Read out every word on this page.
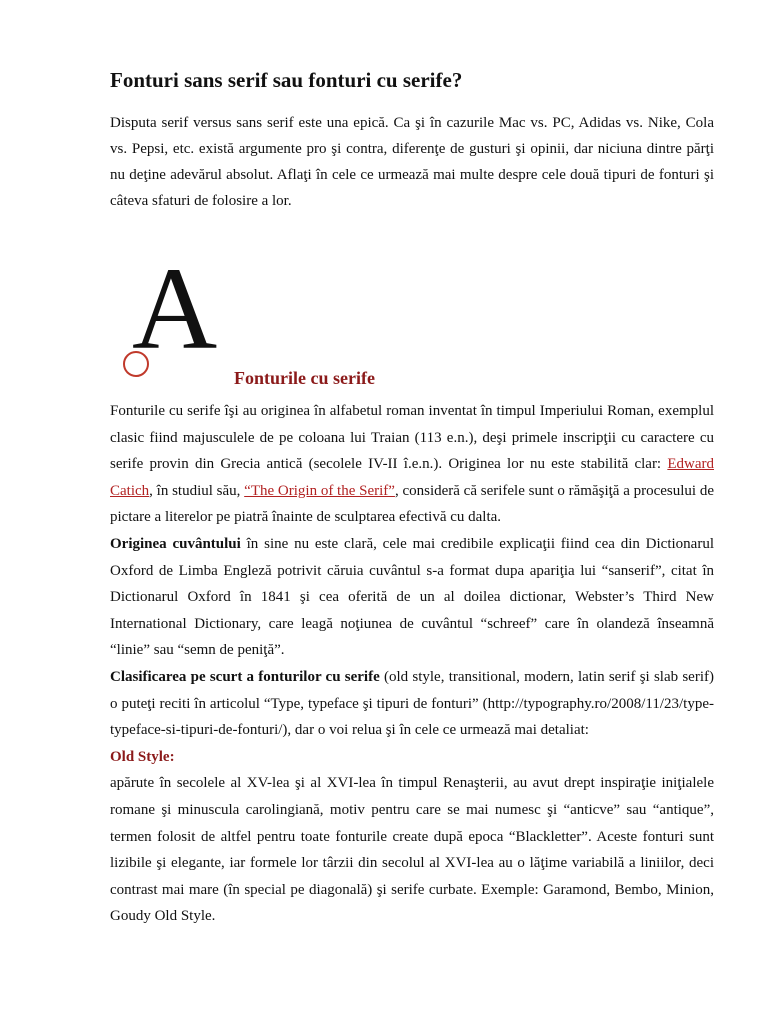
Fonturi sans serif sau fonturi cu serife?

Disputa serif versus sans serif este una epică. Ca şi în cazurile Mac vs. PC, Adidas vs. Nike, Cola vs. Pepsi, etc. există argumente pro şi contra, diferenţe de gusturi şi opinii, dar niciuna dintre părţi nu deţine adevărul absolut. Aflaţi în cele ce urmează mai multe despre cele două tipuri de fonturi şi câteva sfaturi de folosire a lor.

A
Fonturile cu serife

Fonturile cu serife îşi au originea în alfabetul roman inventat în timpul Imperiului Roman, exemplul clasic fiind majusculele de pe coloana lui Traian (113 e.n.), deşi primele inscripţii cu caractere cu serife provin din Grecia antică (secolele IV-II î.e.n.). Originea lor nu este stabilită clar: Edward Catich, în studiul său, “The Origin of the Serif”, consideră că serifele sunt o rămăşiţă a procesului de pictare a literelor pe piatră înainte de sculptarea efectivă cu dalta.

Originea cuvântului în sine nu este clară, cele mai credibile explicaţii fiind cea din Dictionarul Oxford de Limba Engleză potrivit căruia cuvântul s-a format dupa apariţia lui “sanserif”, citat în Dictionarul Oxford în 1841 şi cea oferită de un al doilea dictionar, Webster’s Third New International Dictionary, care leagă noţiunea de cuvântul “schreef” care în olandeză înseamnă “linie” sau “semn de peniţă”.

Clasificarea pe scurt a fonturilor cu serife (old style, transitional, modern, latin serif şi slab serif) o puteţi reciti în articolul “Type, typeface şi tipuri de fonturi” (http://typography.ro/2008/11/23/type-typeface-si-tipuri-de-fonturi/), dar o voi relua şi în cele ce urmează mai detaliat:

Old Style:

apărute în secolele al XV-lea şi al XVI-lea în timpul Renaşterii, au avut drept inspiraţie iniţialele romane şi minuscula carolingiană, motiv pentru care se mai numesc şi “anticve” sau “antique”, termen folosit de altfel pentru toate fonturile create după epoca “Blackletter”. Aceste fonturi sunt lizibile şi elegante, iar formele lor târzii din secolul al XVI-lea au o lăţime variabilă a liniilor, deci contrast mai mare (în special pe diagonală) şi serife curbate. Exemple: Garamond, Bembo, Minion, Goudy Old Style.
